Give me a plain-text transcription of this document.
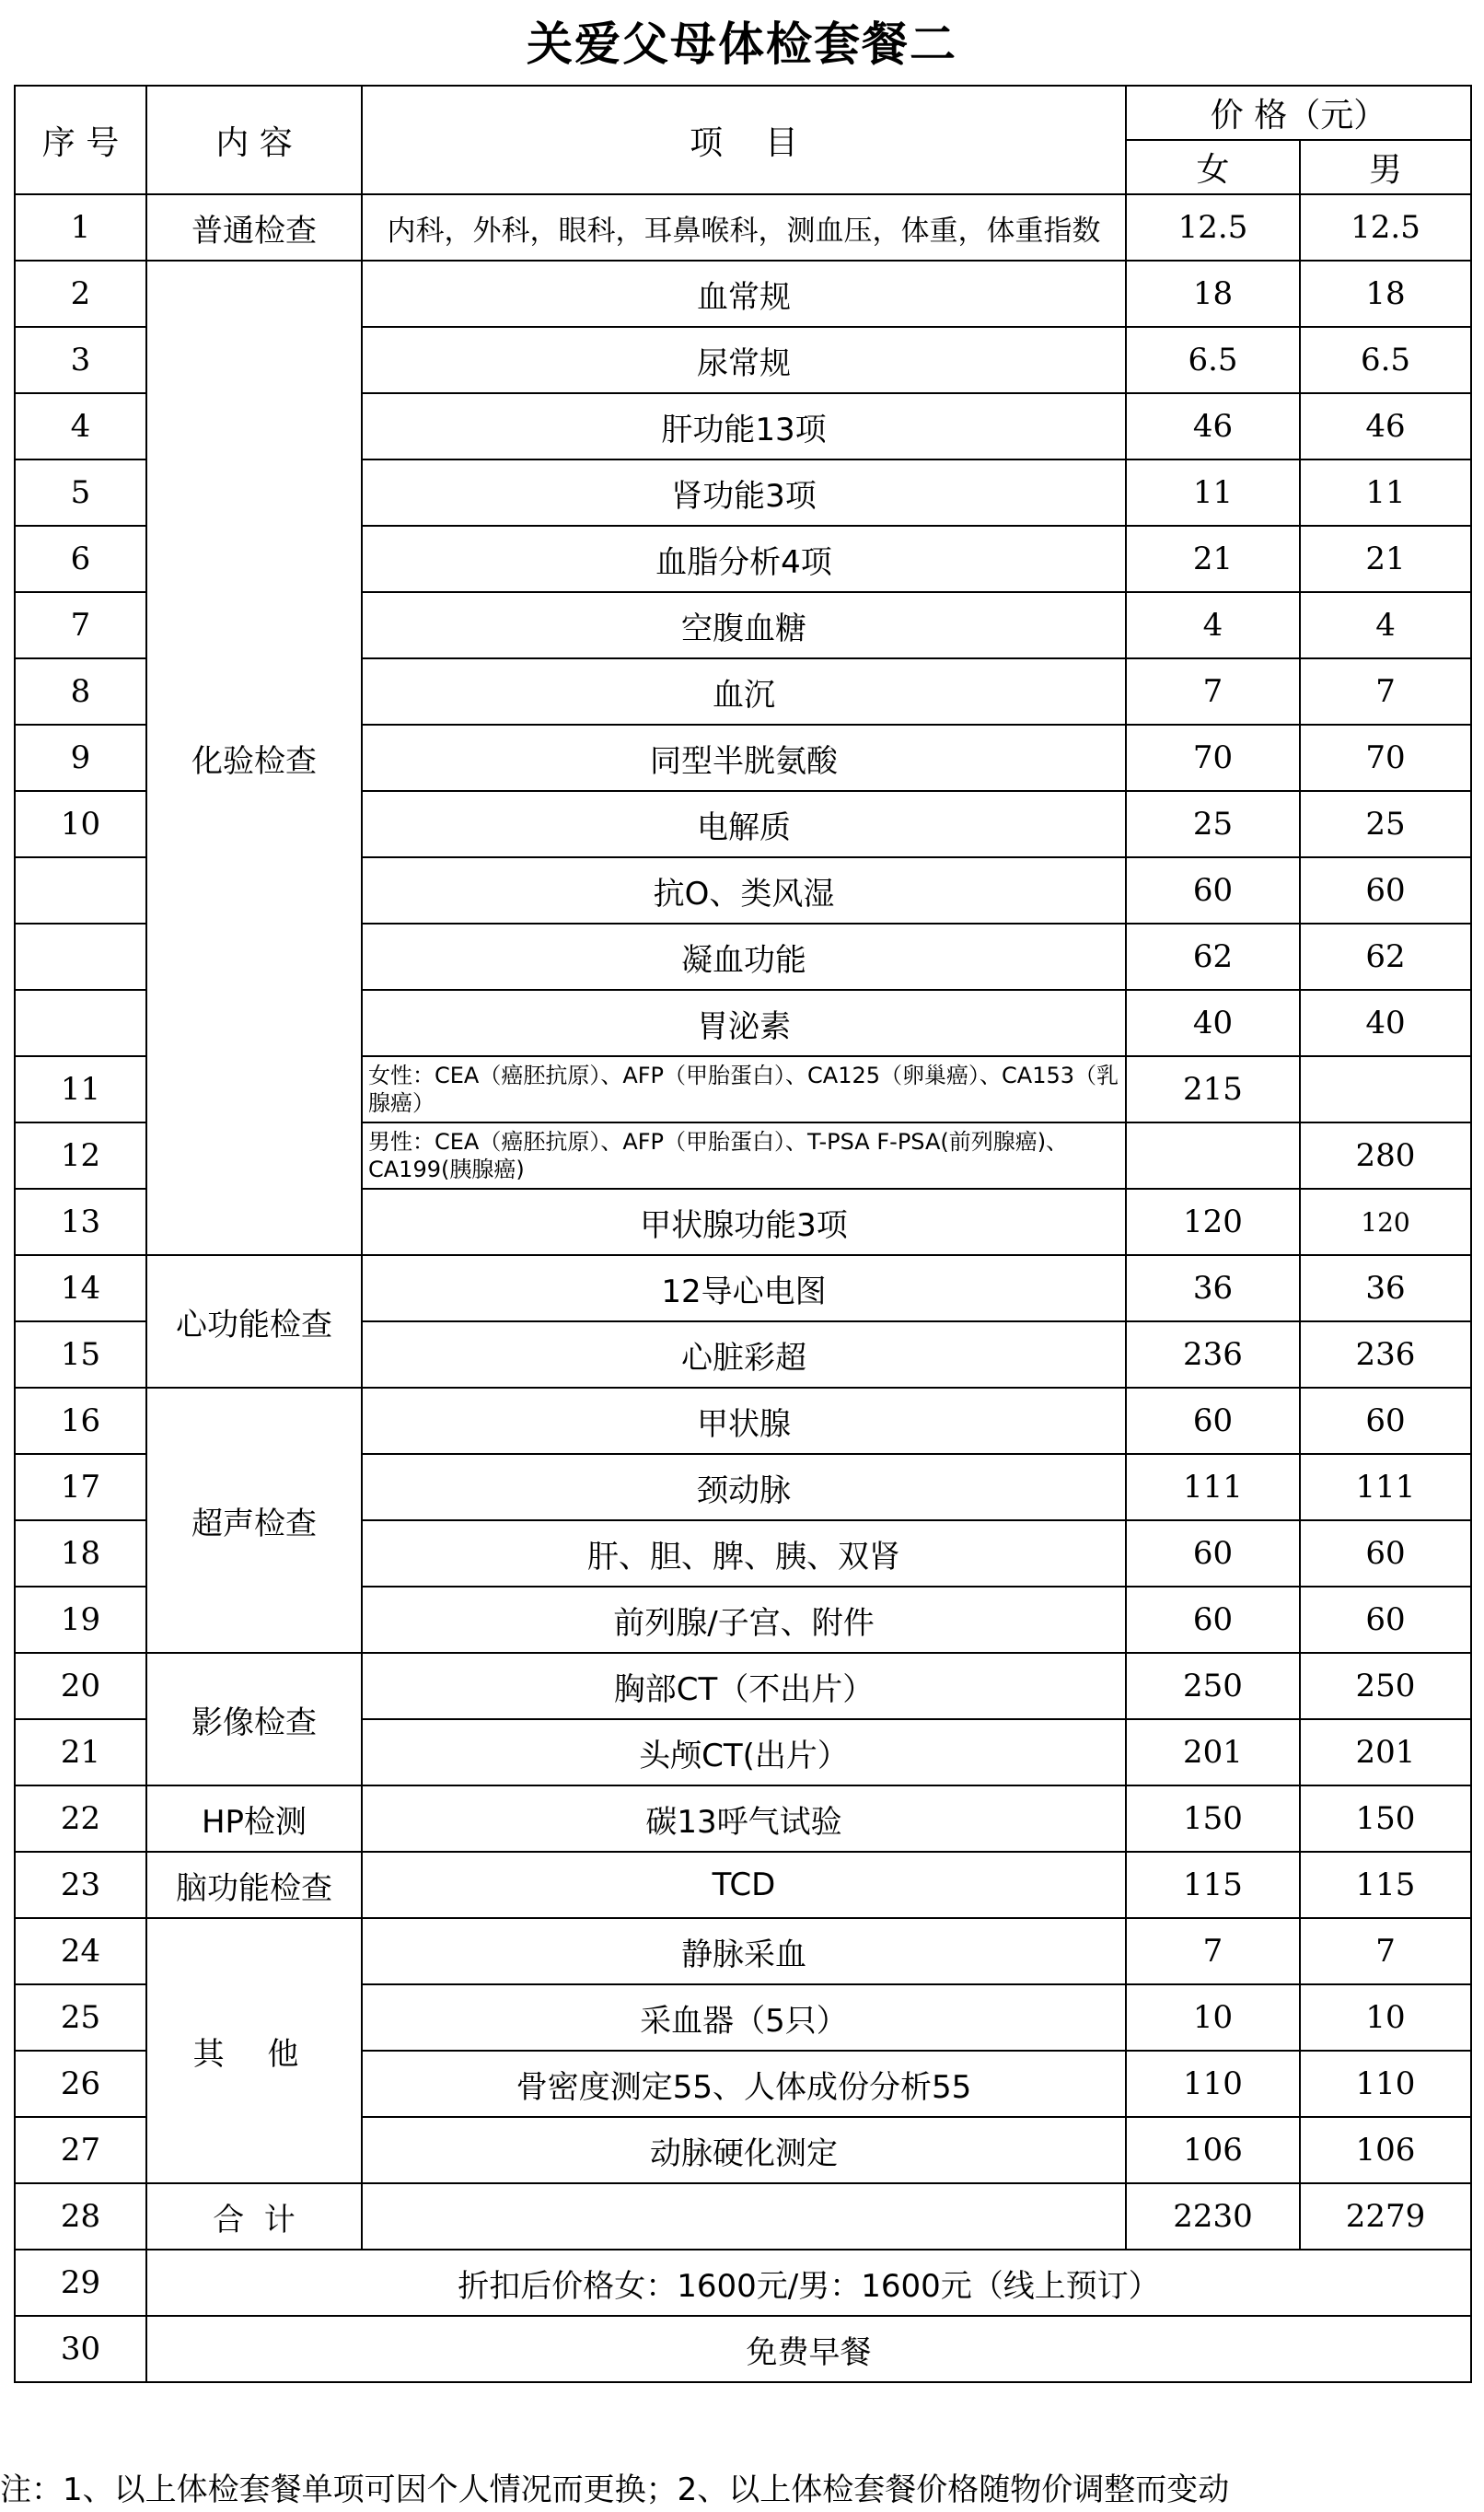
关爱父母体检套餐二
序 号	内 容	项    目	价 格（元）	
			女	男
1	普通检查	内科，外科，眼科，耳鼻喉科，测血压，体重，体重指数	12.5	12.5
2	化验检查	血常规	18	18
3		尿常规	6.5	6.5
4		肝功能13项	46	46
5		肾功能3项	11	11
6		血脂分析4项	21	21
7		空腹血糖	4	4
8		血沉	7	7
9		同型半胱氨酸	70	70
10		电解质	25	25
		抗O、类风湿	60	60
		凝血功能	62	62
		胃泌素	40	40
11		女性：CEA（癌胚抗原）、AFP（甲胎蛋白）、CA125（卵巢癌）、CA153（乳腺癌）	215	
12		男性：CEA（癌胚抗原）、AFP（甲胎蛋白）、T-PSA F-PSA(前列腺癌)、CA199(胰腺癌)		280
13		甲状腺功能3项	120	120
14	心功能检查	12导心电图	36	36
15		心脏彩超	236	236
16	超声检查	甲状腺	60	60
17		颈动脉	111	111
18		肝、胆、脾、胰、双肾	60	60
19		前列腺/子宫、附件	60	60
20	影像检查	胸部CT（不出片）	250	250
21		头颅CT(出片）	201	201
22	HP检测	碳13呼气试验	150	150
23	脑功能检查	TCD	115	115
24	其 他	静脉采血	7	7
25		采血器（5只）	10	10
26		骨密度测定55、人体成份分析55	110	110
27		动脉硬化测定	106	106
28	合  计		2230	2279
29	折扣后价格女：1600元/男：1600元（线上预订）			
30	免费早餐			
注：1、以上体检套餐单项可因个人情况而更换；2、以上体检套餐价格随物价调整而变动
